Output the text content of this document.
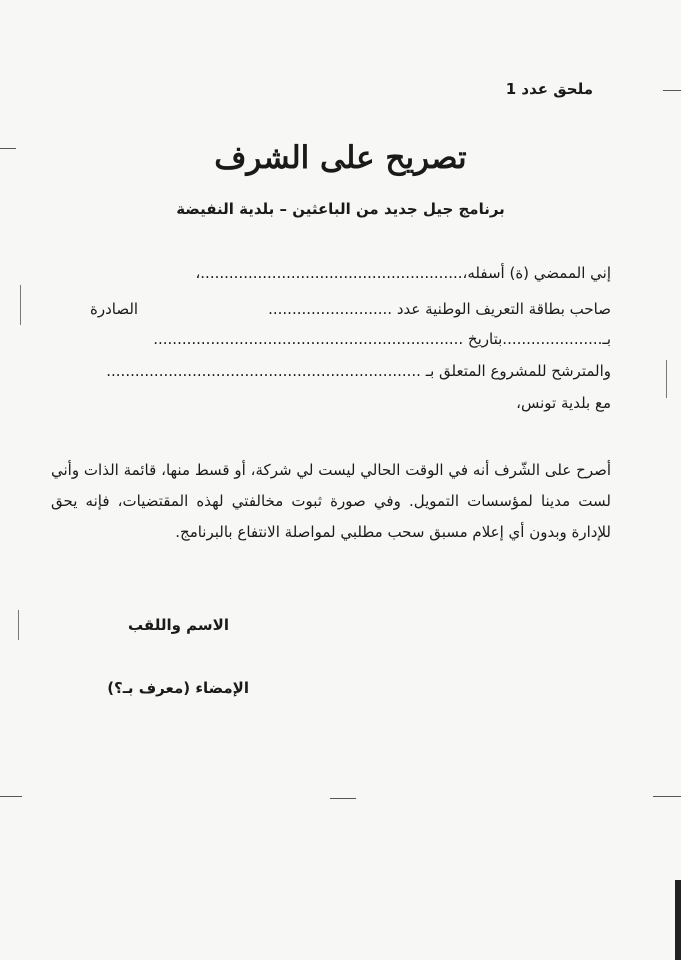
ملحق عدد 1
تصريح على الشرف
برنامج جيل جديد من الباعثين – بلدية النفيضة
إني الممضي (ة) أسفله،.......................................................،
صاحب بطاقة التعريف الوطنية عدد ..........................
الصادرة
بـ.....................بتاريخ .................................................................
والمترشح للمشروع المتعلق بـ ..................................................................
مع بلدية تونس،
أصرح على الشّرف أنه في الوقت الحالي ليست لي شركة، أو قسط منها، قائمة الذات وأني لست مدينا لمؤسسات التمويل. وفي صورة ثبوت مخالفتي لهذه المقتضيات، فإنه يحق للإدارة وبدون أي إعلام مسبق سحب مطلبي لمواصلة الانتفاع بالبرنامج.
الاسم واللقب
الإمضاء (معرف بـ؟)
